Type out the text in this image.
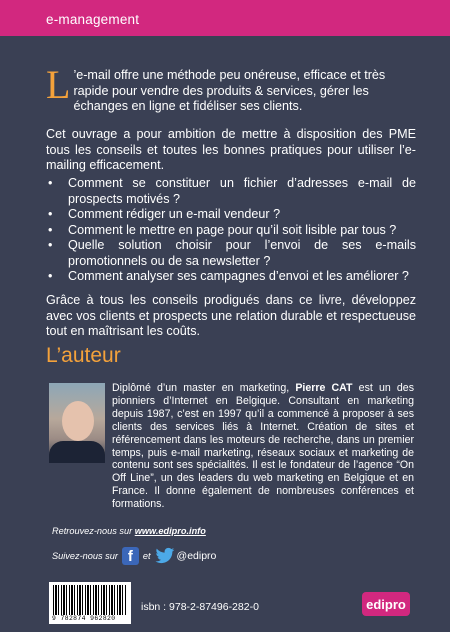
e-management

L ’e-mail offre une méthode peu onéreuse, efficace et très rapide pour vendre des produits & services, gérer les échanges en ligne et fidéliser ses clients.

Cet ouvrage a pour ambition de mettre à disposition des PME tous les conseils et toutes les bonnes pratiques pour utiliser l’e-mailing efficacement.

• Comment se constituer un fichier d’adresses e-mail de prospects motivés ?
• Comment rédiger un e-mail vendeur ?
• Comment le mettre en page pour qu’il soit lisible par tous ?
• Quelle solution choisir pour l’envoi de ses e-mails promotionnels ou de sa newsletter ?
• Comment analyser ses campagnes d’envoi et les améliorer ?

Grâce à tous les conseils prodigués dans ce livre, développez avec vos clients et prospects une relation durable et respectueuse tout en maîtrisant les coûts.

L’auteur

Diplômé d’un master en marketing, Pierre CAT est un des pionniers d’Internet en Belgique. Consultant en marketing depuis 1987, c’est en 1997 qu’il a commencé à proposer à ses clients des services liés à Internet. Création de sites et référencement dans les moteurs de recherche, dans un premier temps, puis e-mail marketing, réseaux sociaux et marketing de contenu sont ses spécialités. Il est le fondateur de l’agence “On Off Line”, un des leaders du web marketing en Belgique et en France. Il donne également de nombreuses conférences et formations.

Retrouvez-nous sur www.edipro.info
Suivez-nous sur f	et @edipro
9 782874 962820
isbn : 978-2-87496-282-0	edipro
